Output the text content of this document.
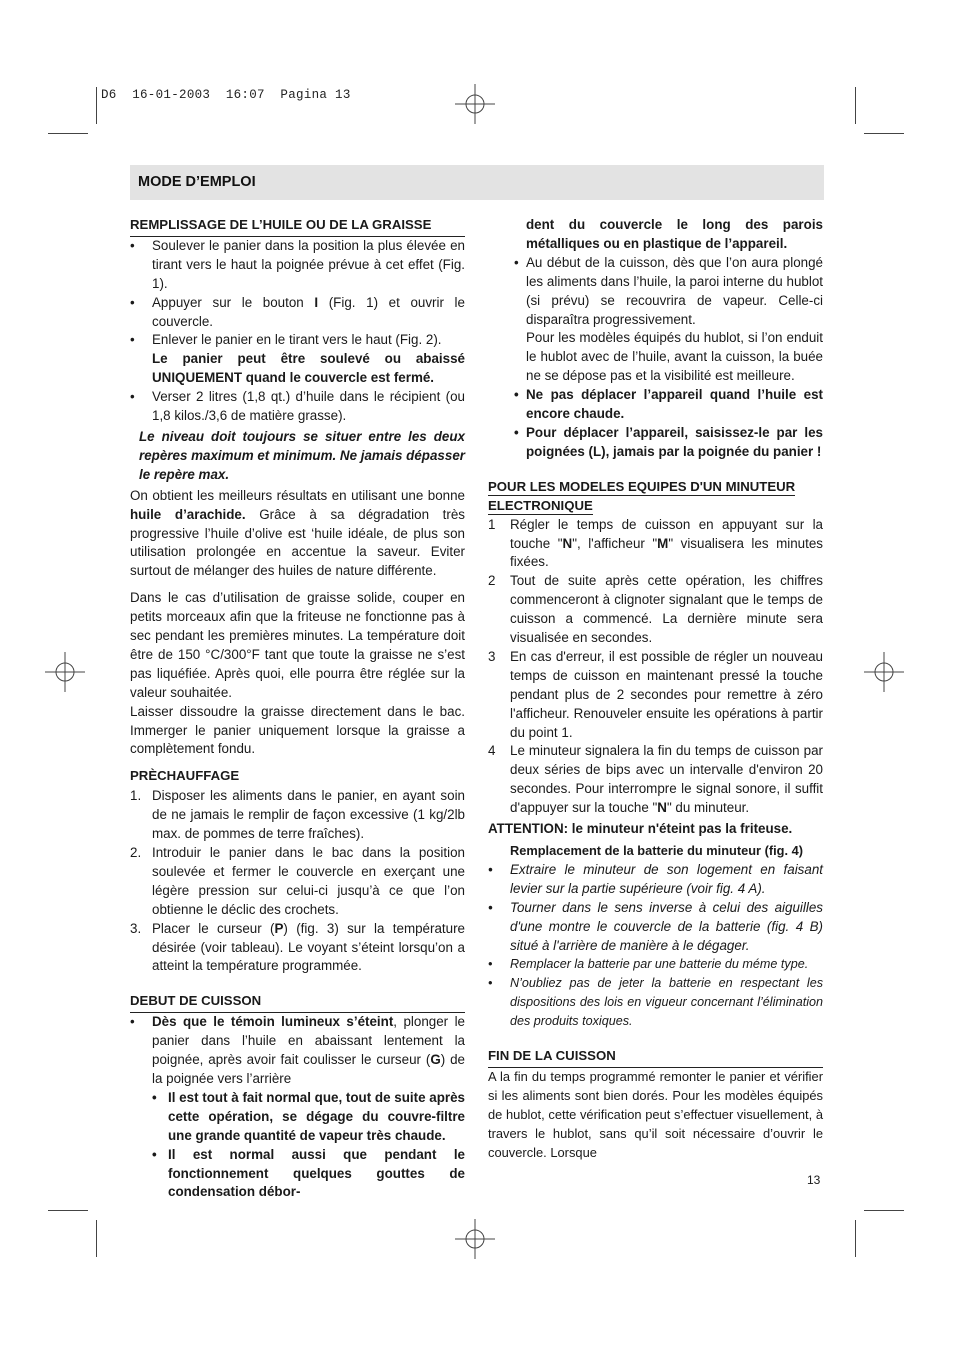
D6  16-01-2003  16:07  Pagina 13
MODE D’EMPLOI
REMPLISSAGE DE L’HUILE OU DE LA GRAISSE
• Soulever le panier dans la position la plus élevée en tirant vers le haut la poignée prévue à cet effet (Fig. 1).
• Appuyer sur le bouton I (Fig. 1) et ouvrir le couvercle.
• Enlever le panier en le tirant vers le haut (Fig. 2).
Le panier peut être soulevé ou abaissé UNIQUEMENT quand le couvercle est fermé.
• Verser 2 litres (1,8 qt.) d’huile dans le récipient (ou 1,8 kilos./3,6 de matière grasse).

Le niveau doit toujours se situer entre les deux repères maximum et minimum. Ne jamais dépasser le repère max.

On obtient les meilleurs résultats en utilisant une bonne huile d’arachide. Grâce à sa dégradation très progressive l’huile d’olive est ‘huile idéale, de plus son utilisation prolongée en accentue la saveur. Eviter surtout de mélanger des huiles de nature différente.

Dans le cas d’utilisation de graisse solide, couper en petits morceaux afin que la friteuse ne fonctionne pas à sec pendant les premières minutes. La température doit être de 150 °C/300°F tant que toute la graisse ne s’est pas liquéfiée. Après quoi, elle pourra être réglée sur la valeur souhaitée.

Laisser dissoudre la graisse directement dans le bac. Immerger le panier uniquement lorsque la graisse a complètement fondu.

PRÈCHAUFFAGE
1. Disposer les aliments dans le panier, en ayant soin de ne jamais le remplir de façon excessive (1 kg/2lb max. de pommes de terre fraîches).
2. Introduir le panier dans le bac dans la position soulevée et fermer le couvercle en exerçant une légère pression sur celui-ci jusqu’à ce que l’on obtienne le déclic des crochets.
3. Placer le curseur (P) (fig. 3) sur la température désirée (voir tableau). Le voyant s’éteint lorsqu’on a atteint la température programmée.
DEBUT DE CUISSON
• Dès que le témoin lumineux s’éteint, plonger le panier dans l’huile en abaissant lentement la poignée, après avoir fait coulisser le curseur (G) de la poignée vers l’arrière
• Il est tout à fait normal que, tout de suite après cette opération, se dégage du couvre-filtre une grande quantité de vapeur très chaude.
• Il est normal aussi que pendant le fonctionnement quelques gouttes de condensation débor-

dent du couvercle le long des parois métalliques ou en plastique de l’appareil.

• Au début de la cuisson, dès que l’on aura plongé les aliments dans l’huile, la paroi interne du hublot (si prévu) se recouvrira de vapeur. Celle-ci disparaîtra progressivement.
Pour les modèles équipés du hublot, si l’on enduit le hublot avec de l’huile, avant la cuisson, la buée ne se dépose pas et la visibilité est meilleure.
• Ne pas déplacer l’appareil quand l’huile est encore chaude.
• Pour déplacer l’appareil, saisissez-le par les poignées (L), jamais par la poignée du panier !
POUR LES MODELES EQUIPES D'UN MINUTEUR ELECTRONIQUE
1 Régler le temps de cuisson en appuyant sur la touche "N", l'afficheur "M" visualisera les minutes fixées.
2 Tout de suite après cette opération, les chiffres commenceront à clignoter signalant que le temps de cuisson a commencé. La dernière minute sera visualisée en secondes.
3 En cas d'erreur, il est possible de régler un nouveau temps de cuisson en maintenant pressé la touche pendant plus de 2 secondes pour remettre à zéro l'afficheur. Renouveler ensuite les opérations à partir du point 1.
4 Le minuteur signalera la fin du temps de cuisson par deux séries de bips avec un intervalle d'environ 20 secondes. Pour interrompre le signal sonore, il suffit d'appuyer sur la touche "N" du minuteur.

ATTENTION: le minuteur n'éteint pas la friteuse.

Remplacement de la batterie du minuteur (fig. 4)

• Extraire le minuteur de son logement en faisant levier sur la partie supérieure (voir fig. 4 A).
• Tourner dans le sens inverse à celui des aiguilles d'une montre le couvercle de la batterie (fig. 4 B) situé à l'arrière de manière à le dégager.
• Remplacer la batterie par une batterie du méme type.
• N’oubliez pas de jeter la batterie en respectant les dispositions des lois en vigueur concernant l’élimination des produits toxiques.
FIN DE LA CUISSON

A la fin du temps programmé remonter le panier et vérifier si les aliments sont bien dorés. Pour les modèles équipés de hublot, cette vérification peut s’effectuer visuellement, à travers le hublot, sans qu’il soit nécessaire d’ouvrir le couvercle. Lorsque

13
